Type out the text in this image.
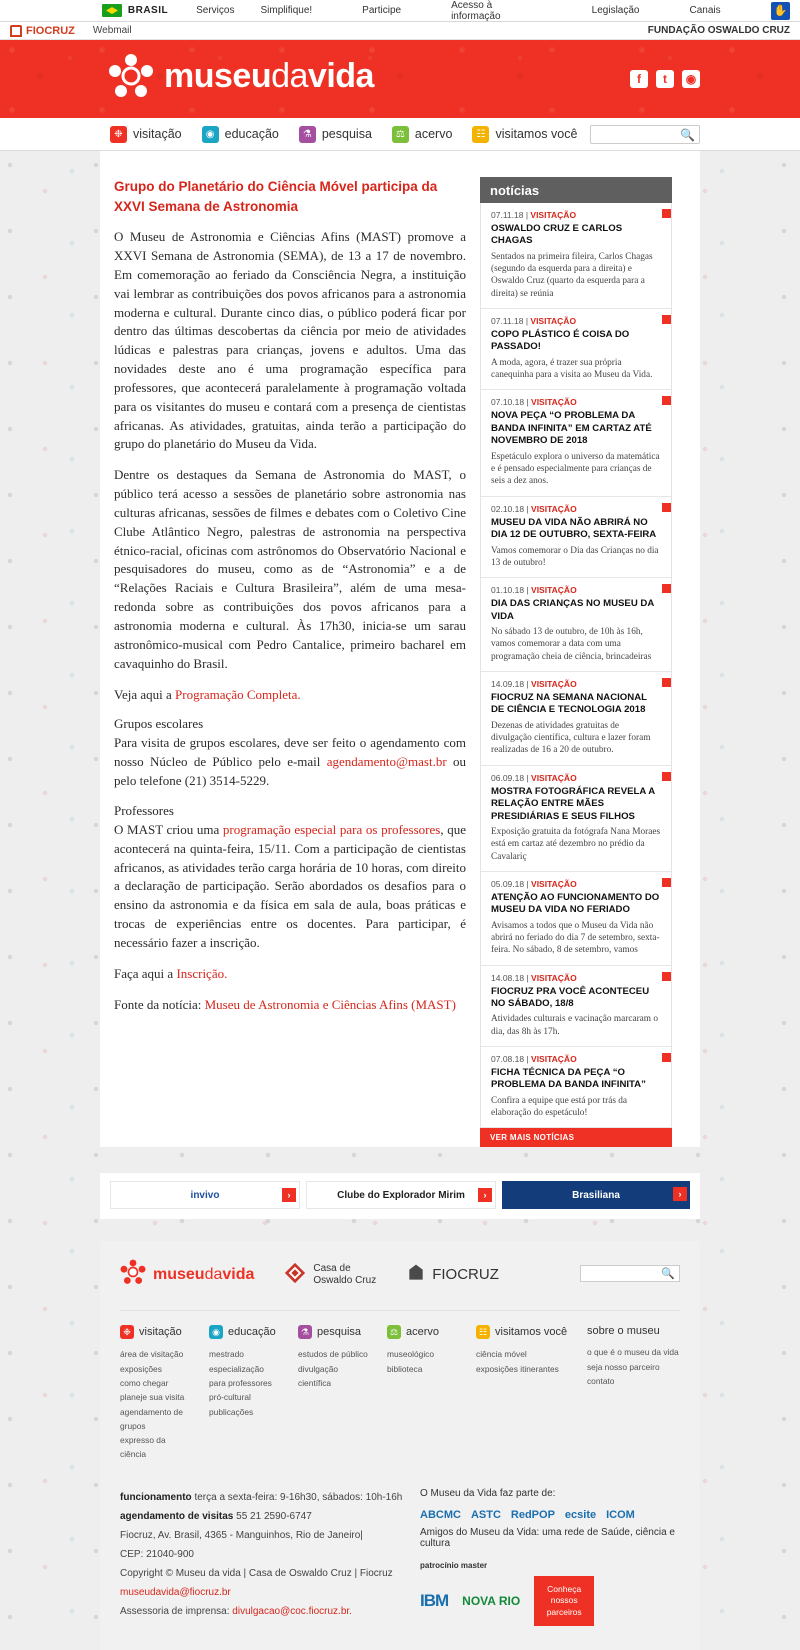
BRASIL	Serviços	Simplifique!	Participe	Acesso à informação	Legislação	Canais	✋
FIOCRUZ Webmail	FUNDAÇÃO OSWALDO CRUZ
museudavida	f	t	◉
❉ visitação	◉ educação	⚗ pesquisa	⚖ acervo	☷ visitamos você	🔍
Grupo do Planetário do Ciência Móvel participa da XXVI Semana de Astronomia

O Museu de Astronomia e Ciências Afins (MAST) promove a XXVI Semana de Astronomia (SEMA), de 13 a 17 de novembro. Em comemoração ao feriado da Consciência Negra, a instituição vai lembrar as contribuições dos povos africanos para a astronomia moderna e cultural. Durante cinco dias, o público poderá ficar por dentro das últimas descobertas da ciência por meio de atividades lúdicas e palestras para crianças, jovens e adultos. Uma das novidades deste ano é uma programação específica para professores, que acontecerá paralelamente à programação voltada para os visitantes do museu e contará com a presença de cientistas africanas. As atividades, gratuitas, ainda terão a participação do grupo do planetário do Museu da Vida.

Dentre os destaques da Semana de Astronomia do MAST, o público terá acesso a sessões de planetário sobre astronomia nas culturas africanas, sessões de filmes e debates com o Coletivo Cine Clube Atlântico Negro, palestras de astronomia na perspectiva étnico-racial, oficinas com astrônomos do Observatório Nacional e pesquisadores do museu, como as de “Astronomia” e a de “Relações Raciais e Cultura Brasileira”, além de uma mesa-redonda sobre as contribuições dos povos africanos para a astronomia moderna e cultural. Às 17h30, inicia-se um sarau astronômico-musical com Pedro Cantalice, primeiro bacharel em cavaquinho do Brasil.

Veja aqui a Programação Completa.

Grupos escolares

Para visita de grupos escolares, deve ser feito o agendamento com nosso Núcleo de Público pelo e-mail agendamento@mast.br ou pelo telefone (21) 3514-5229.

Professores

O MAST criou uma programação especial para os professores, que acontecerá na quinta-feira, 15/11. Com a participação de cientistas africanos, as atividades terão carga horária de 10 horas, com direito a declaração de participação. Serão abordados os desafios para o ensino da astronomia e da física em sala de aula, boas práticas e trocas de experiências entre os docentes. Para participar, é necessário fazer a inscrição.

Faça aqui a Inscrição.

Fonte da notícia: Museu de Astronomia e Ciências Afins (MAST)

notícias
07.11.18 | VISITAÇÃO
OSWALDO CRUZ E CARLOS CHAGAS
Sentados na primeira fileira, Carlos Chagas (segundo da esquerda para a direita) e Oswaldo Cruz (quarto da esquerda para a direita) se reúnia
07.11.18 | VISITAÇÃO
COPO PLÁSTICO É COISA DO PASSADO!
A moda, agora, é trazer sua própria canequinha para a visita ao Museu da Vida.
07.10.18 | VISITAÇÃO
NOVA PEÇA “O PROBLEMA DA BANDA INFINITA” EM CARTAZ ATÉ NOVEMBRO DE 2018
Espetáculo explora o universo da matemática e é pensado especialmente para crianças de seis a dez anos.
02.10.18 | VISITAÇÃO
MUSEU DA VIDA NÃO ABRIRÁ NO DIA 12 DE OUTUBRO, SEXTA-FEIRA
Vamos comemorar o Dia das Crianças no dia 13 de outubro!
01.10.18 | VISITAÇÃO
DIA DAS CRIANÇAS NO MUSEU DA VIDA
No sábado 13 de outubro, de 10h às 16h, vamos comemorar a data com uma programação cheia de ciência, brincadeiras
14.09.18 | VISITAÇÃO
FIOCRUZ NA SEMANA NACIONAL DE CIÊNCIA E TECNOLOGIA 2018
Dezenas de atividades gratuitas de divulgação científica, cultura e lazer foram realizadas de 16 a 20 de outubro.
06.09.18 | VISITAÇÃO
MOSTRA FOTOGRÁFICA REVELA A RELAÇÃO ENTRE MÃES PRESIDIÁRIAS E SEUS FILHOS
Exposição gratuita da fotógrafa Nana Moraes está em cartaz até dezembro no prédio da Cavalariç
05.09.18 | VISITAÇÃO
ATENÇÃO AO FUNCIONAMENTO DO MUSEU DA VIDA NO FERIADO
Avisamos a todos que o Museu da Vida não abrirá no feriado do dia 7 de setembro, sexta-feira. No sábado, 8 de setembro, vamos
14.08.18 | VISITAÇÃO
FIOCRUZ PRA VOCÊ ACONTECEU NO SÁBADO, 18/8
Atividades culturais e vacinação marcaram o dia, das 8h às 17h.
07.08.18 | VISITAÇÃO
FICHA TÉCNICA DA PEÇA “O PROBLEMA DA BANDA INFINITA”
Confira a equipe que está por trás da elaboração do espetáculo!
VER MAIS NOTÍCIAS
invivo	›	Clube do Explorador Mirim	›	Brasiliana	›
museudavida	Casa de
Oswaldo Cruz	FIOCRUZ	🔍
❉ visitação
área de visitação
exposições
como chegar
planeje sua visita
agendamento de grupos
expresso da ciência
◉ educação
mestrado
especialização
para professores
pró-cultural
publicações
⚗ pesquisa
estudos de público
divulgação científica
⚖ acervo
museológico
biblioteca
☷ visitamos você
ciência móvel
exposições itinerantes
sobre o museu
o que é o museu da vida
seja nosso parceiro
contato
funcionamento terça a sexta-feira: 9-16h30, sábados: 10h-16h
agendamento de visitas 55 21 2590-6747
Fiocruz, Av. Brasil, 4365 - Manguinhos, Rio de Janeiro|
CEP: 21040-900
Copyright © Museu da vida | Casa de Oswaldo Cruz | Fiocruz
museudavida@fiocruz.br
Assessoria de imprensa: divulgacao@coc.fiocruz.br.
O Museu da Vida faz parte de:
ABCMC ASTC RedPOP ecsite ICOM
Amigos do Museu da Vida: uma rede de Saúde, ciência e cultura
patrocínio master
IBM NOVA RIO
Conheça nossos parceiros
